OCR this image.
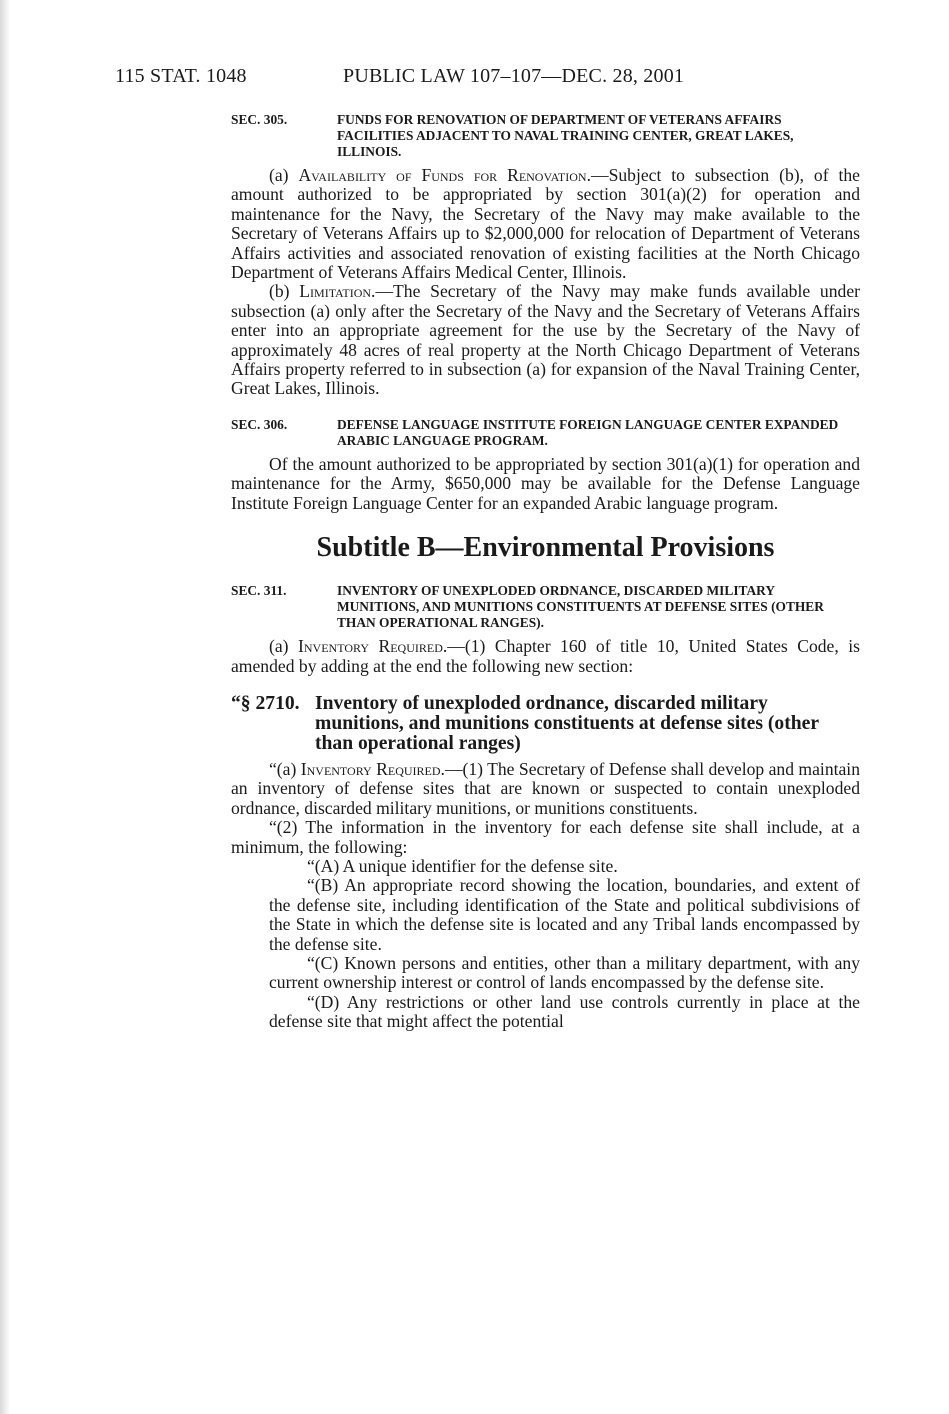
115 STAT. 1048	PUBLIC LAW 107–107—DEC. 28, 2001
SEC. 305.	FUNDS FOR RENOVATION OF DEPARTMENT OF VETERANS AFFAIRS FACILITIES ADJACENT TO NAVAL TRAINING CENTER, GREAT LAKES, ILLINOIS.

(a) Availability of Funds for Renovation.—Subject to subsection (b), of the amount authorized to be appropriated by section 301(a)(2) for operation and maintenance for the Navy, the Secretary of the Navy may make available to the Secretary of Veterans Affairs up to $2,000,000 for relocation of Department of Veterans Affairs activities and associated renovation of existing facilities at the North Chicago Department of Veterans Affairs Medical Center, Illinois.

(b) Limitation.—The Secretary of the Navy may make funds available under subsection (a) only after the Secretary of the Navy and the Secretary of Veterans Affairs enter into an appropriate agreement for the use by the Secretary of the Navy of approximately 48 acres of real property at the North Chicago Department of Veterans Affairs property referred to in subsection (a) for expansion of the Naval Training Center, Great Lakes, Illinois.

SEC. 306.	DEFENSE LANGUAGE INSTITUTE FOREIGN LANGUAGE CENTER EXPANDED ARABIC LANGUAGE PROGRAM.

Of the amount authorized to be appropriated by section 301(a)(1) for operation and maintenance for the Army, $650,000 may be available for the Defense Language Institute Foreign Language Center for an expanded Arabic language program.

Subtitle B—Environmental Provisions
SEC. 311.	INVENTORY OF UNEXPLODED ORDNANCE, DISCARDED MILITARY MUNITIONS, AND MUNITIONS CONSTITUENTS AT DEFENSE SITES (OTHER THAN OPERATIONAL RANGES).

(a) Inventory Required.—(1) Chapter 160 of title 10, United States Code, is amended by adding at the end the following new section:

“§ 2710. Inventory of unexploded ordnance, discarded military munitions, and munitions constituents at defense sites (other than operational ranges)

“(a) Inventory Required.—(1) The Secretary of Defense shall develop and maintain an inventory of defense sites that are known or suspected to contain unexploded ordnance, discarded military munitions, or munitions constituents.

“(2) The information in the inventory for each defense site shall include, at a minimum, the following:

“(A) A unique identifier for the defense site.

“(B) An appropriate record showing the location, boundaries, and extent of the defense site, including identification of the State and political subdivisions of the State in which the defense site is located and any Tribal lands encompassed by the defense site.

“(C) Known persons and entities, other than a military department, with any current ownership interest or control of lands encompassed by the defense site.

“(D) Any restrictions or other land use controls currently in place at the defense site that might affect the potential
